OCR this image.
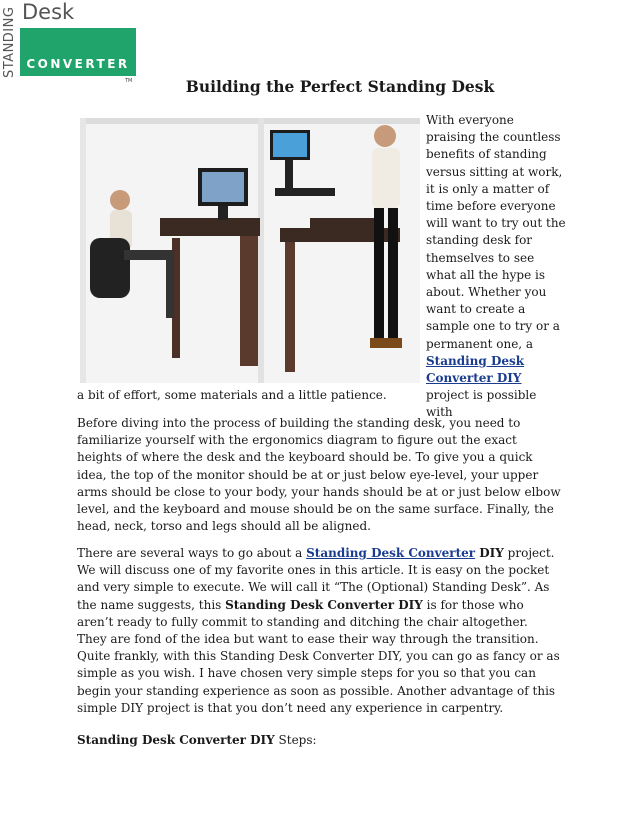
STANDING Desk
CONVERTER
TM	Building the Perfect Standing Desk
With everyone praising the countless benefits of standing versus sitting at work, it is only a matter of time before everyone will want to try out the standing desk for themselves to see what all the hype is about. Whether you want to create a sample one to try or a permanent one, a Standing Desk Converter DIY project is possible with
a bit of effort, some materials and a little patience.
Before diving into the process of building the standing desk, you need to familiarize yourself with the ergonomics diagram to figure out the exact heights of where the desk and the keyboard should be. To give you a quick idea, the top of the monitor should be at or just below eye-level, your upper arms should be close to your body, your hands should be at or just below elbow level, and the keyboard and mouse should be on the same surface. Finally, the head, neck, torso and legs should all be aligned.
There are several ways to go about a Standing Desk Converter DIY project. We will discuss one of my favorite ones in this article. It is easy on the pocket and very simple to execute. We will call it “The (Optional) Standing Desk”. As the name suggests, this Standing Desk Converter DIY is for those who aren’t ready to fully commit to standing and ditching the chair altogether. They are fond of the idea but want to ease their way through the transition. Quite frankly, with this Standing Desk Converter DIY, you can go as fancy or as simple as you wish. I have chosen very simple steps for you so that you can begin your standing experience as soon as possible. Another advantage of this simple DIY project is that you don’t need any experience in carpentry.
Standing Desk Converter DIY Steps:
